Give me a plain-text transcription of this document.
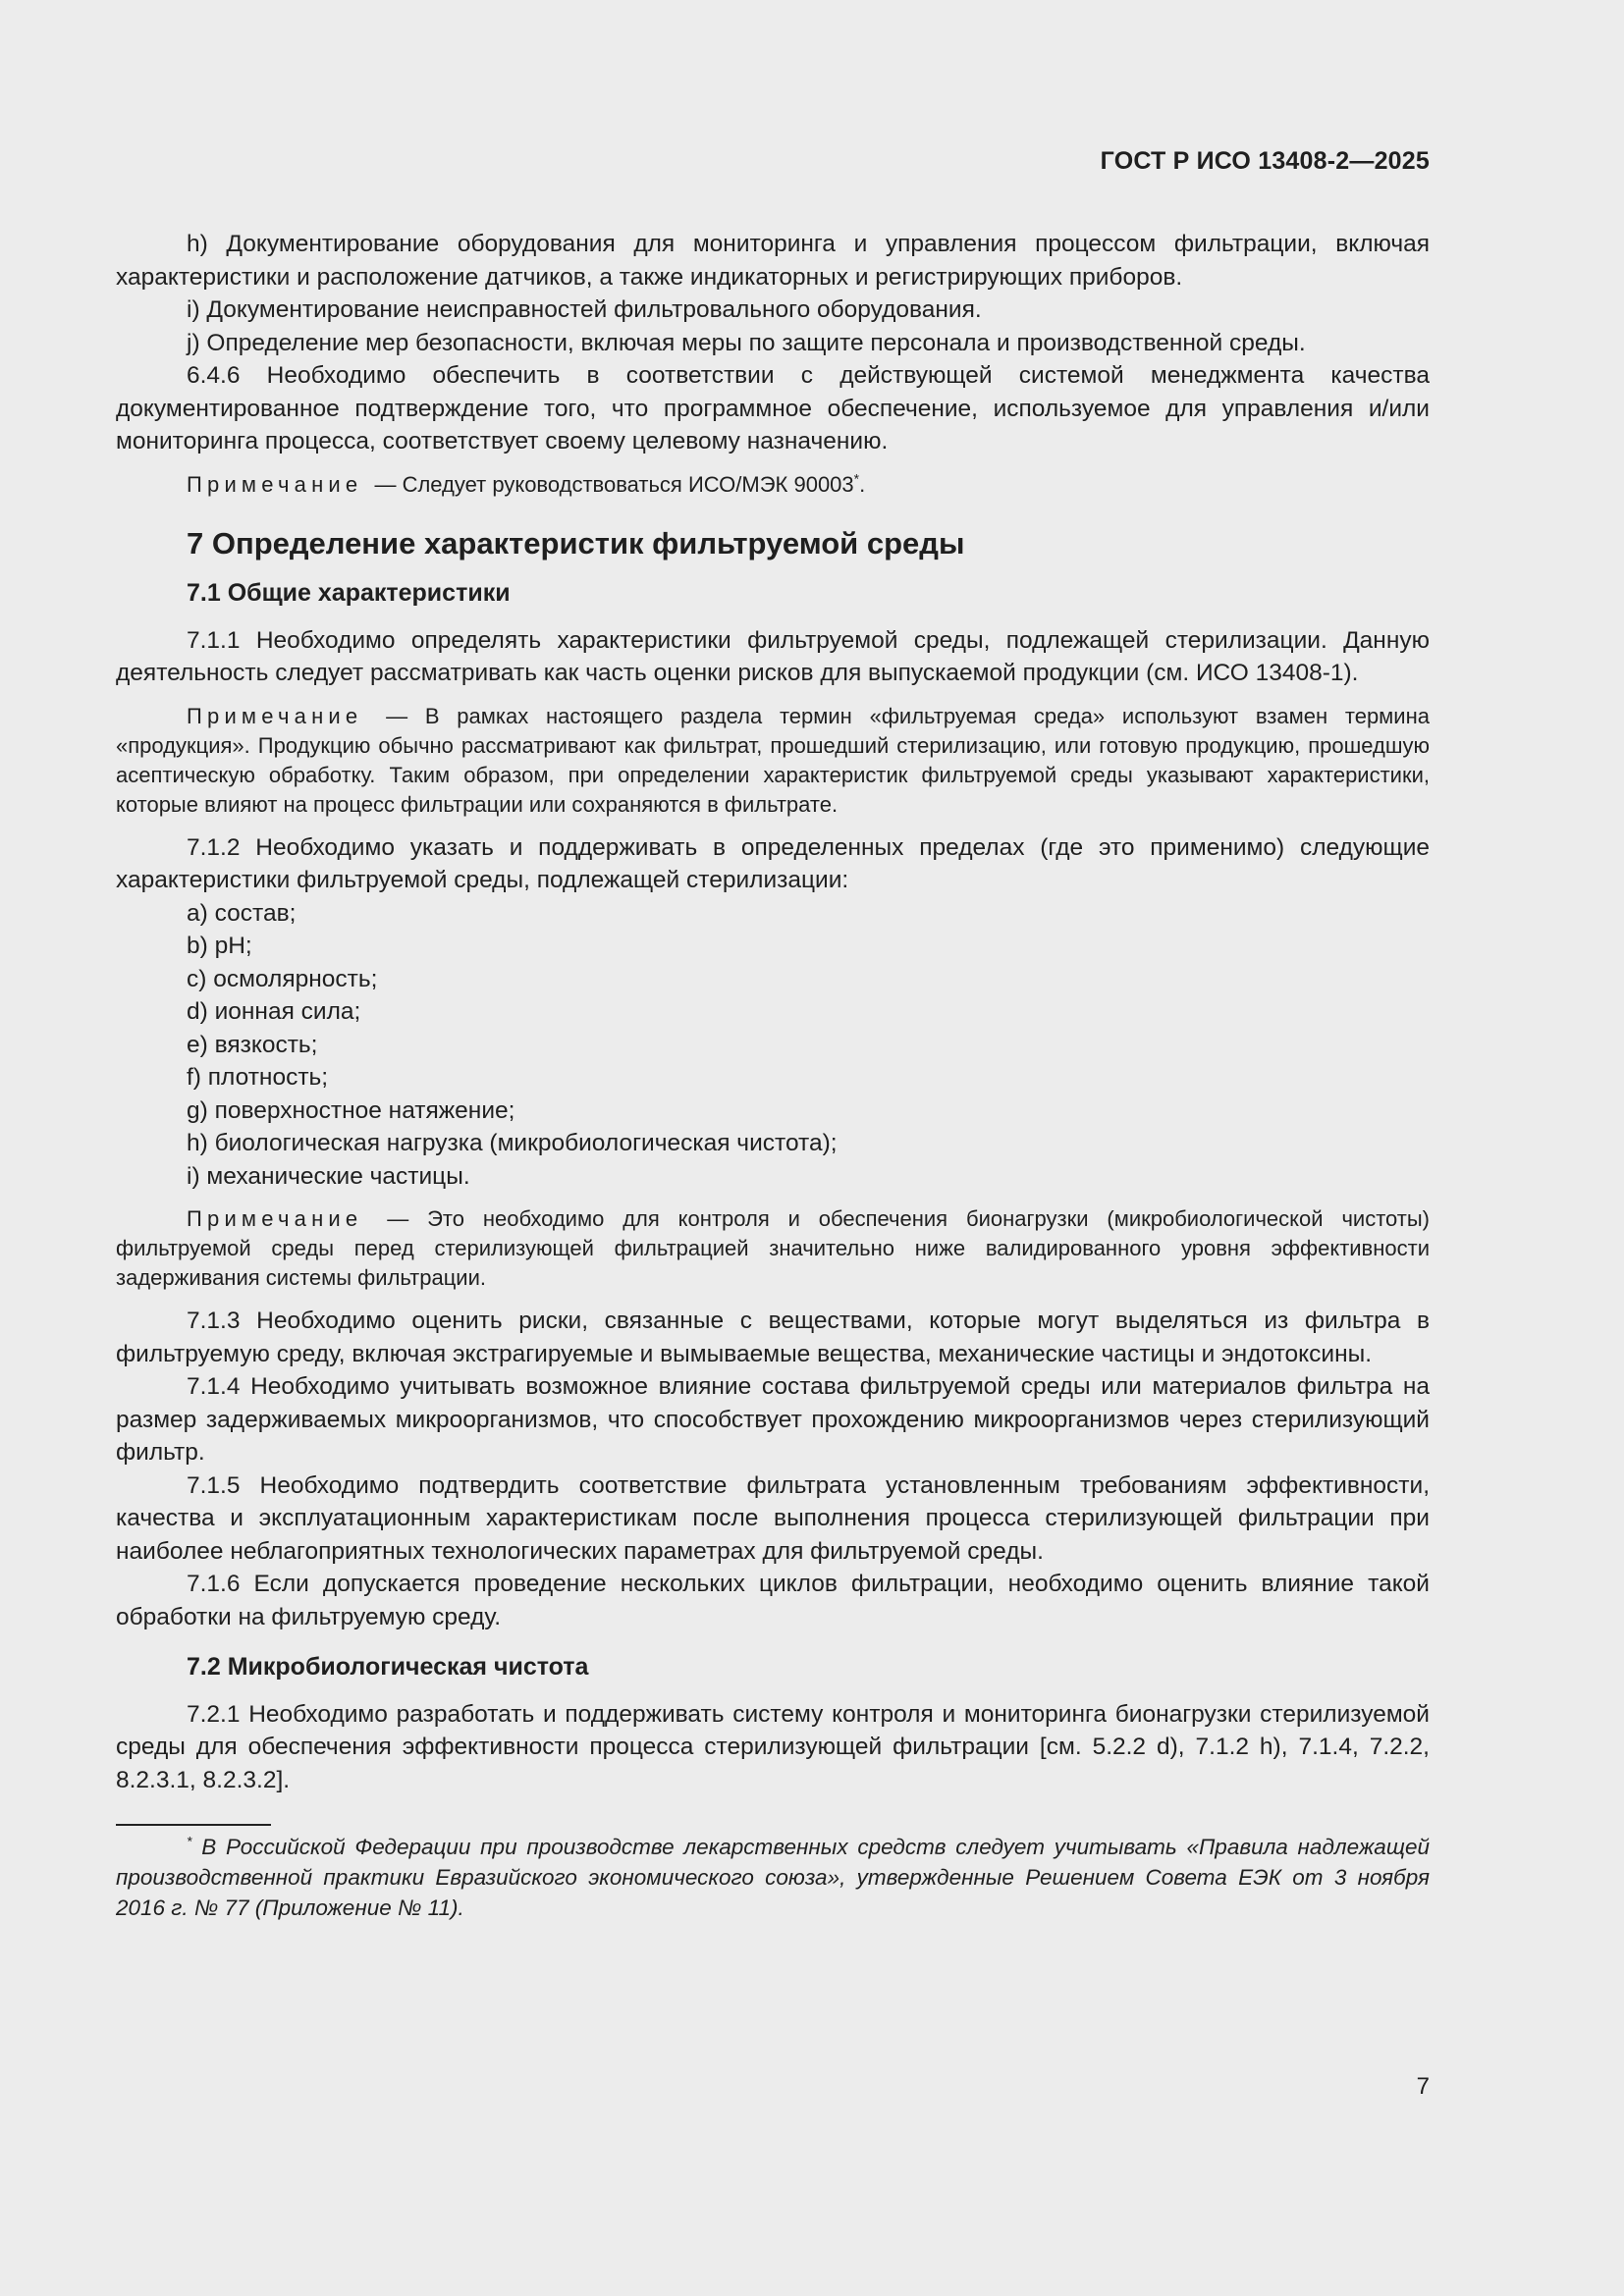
ГОСТ Р ИСО 13408-2—2025

h) Документирование оборудования для мониторинга и управления процессом фильтрации, включая характеристики и расположение датчиков, а также индикаторных и регистрирующих приборов.

i) Документирование неисправностей фильтровального оборудования.

j) Определение мер безопасности, включая меры по защите персонала и производственной среды.

6.4.6 Необходимо обеспечить в соответствии с действующей системой менеджмента качества документированное подтверждение того, что программное обеспечение, используемое для управления и/или мониторинга процесса, соответствует своему целевому назначению.

Примечание — Следует руководствоваться ИСО/МЭК 90003*.

7 Определение характеристик фильтруемой среды
7.1 Общие характеристики

7.1.1 Необходимо определять характеристики фильтруемой среды, подлежащей стерилизации. Данную деятельность следует рассматривать как часть оценки рисков для выпускаемой продукции (см. ИСО 13408-1).

Примечание — В рамках настоящего раздела термин «фильтруемая среда» используют взамен термина «продукция». Продукцию обычно рассматривают как фильтрат, прошедший стерилизацию, или готовую продукцию, прошедшую асептическую обработку. Таким образом, при определении характеристик фильтруемой среды указывают характеристики, которые влияют на процесс фильтрации или сохраняются в фильтрате.

7.1.2 Необходимо указать и поддерживать в определенных пределах (где это применимо) следующие характеристики фильтруемой среды, подлежащей стерилизации:

a) состав;

b) pH;

c) осмолярность;

d) ионная сила;

e) вязкость;

f) плотность;

g) поверхностное натяжение;

h) биологическая нагрузка (микробиологическая чистота);

i) механические частицы.

Примечание — Это необходимо для контроля и обеспечения бионагрузки (микробиологической чистоты) фильтруемой среды перед стерилизующей фильтрацией значительно ниже валидированного уровня эффективности задерживания системы фильтрации.

7.1.3 Необходимо оценить риски, связанные с веществами, которые могут выделяться из фильтра в фильтруемую среду, включая экстрагируемые и вымываемые вещества, механические частицы и эндотоксины.

7.1.4 Необходимо учитывать возможное влияние состава фильтруемой среды или материалов фильтра на размер задерживаемых микроорганизмов, что способствует прохождению микроорганизмов через стерилизующий фильтр.

7.1.5 Необходимо подтвердить соответствие фильтрата установленным требованиям эффективности, качества и эксплуатационным характеристикам после выполнения процесса стерилизующей фильтрации при наиболее неблагоприятных технологических параметрах для фильтруемой среды.

7.1.6 Если допускается проведение нескольких циклов фильтрации, необходимо оценить влияние такой обработки на фильтруемую среду.

7.2 Микробиологическая чистота

7.2.1 Необходимо разработать и поддерживать систему контроля и мониторинга бионагрузки стерилизуемой среды для обеспечения эффективности процесса стерилизующей фильтрации [см. 5.2.2 d), 7.1.2 h), 7.1.4, 7.2.2, 8.2.3.1, 8.2.3.2].

* В Российской Федерации при производстве лекарственных средств следует учитывать «Правила надлежащей производственной практики Евразийского экономического союза», утвержденные Решением Совета ЕЭК от 3 ноября 2016 г. № 77 (Приложение № 11).

7
